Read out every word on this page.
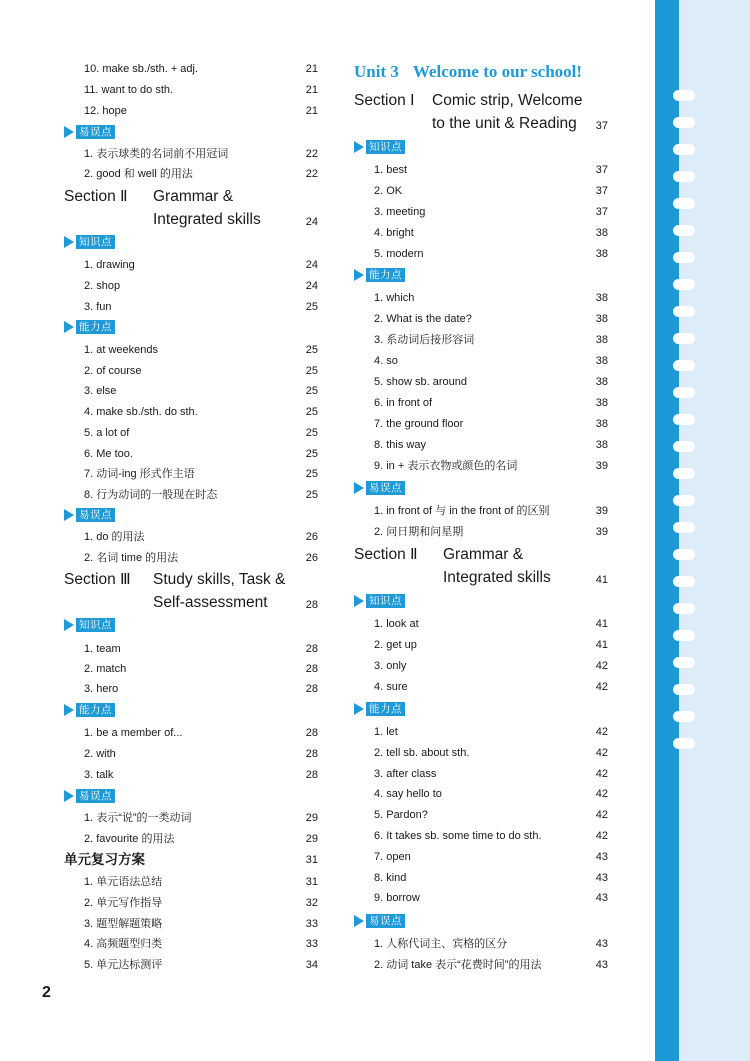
10. make sb./sth. + adj.	21
11. want to do sth.	21
12. hope	21
易误点
1. 表示球类的名词前不用冠词	22
2. good 和 well 的用法	22
Section Ⅱ Grammar &
Integrated skills	24
知识点
1. drawing	24
2. shop	24
3. fun	25
能力点
1. at weekends	25
2. of course	25
3. else	25
4. make sb./sth. do sth.	25
5. a lot of	25
6. Me too.	25
7. 动词-ing 形式作主语	25
8. 行为动词的一般现在时态	25
易误点
1. do 的用法	26
2. 名词 time 的用法	26
Section Ⅲ Study skills, Task &
Self-assessment	28
知识点
1. team	28
2. match	28
3. hero	28
能力点
1. be a member of...	28
2. with	28
3. talk	28
易误点
1. 表示“说”的一类动词	29
2. favourite 的用法	29
单元复习方案	31
1. 单元语法总结	31
2. 单元写作指导	32
3. 题型解题策略	33
4. 高频题型归类	33
5. 单元达标测评	34
Unit 3 Welcome to our school!
Section Ⅰ Comic strip, Welcome
to the unit & Reading 37
知识点
1. best	37
2. OK	37
3. meeting	37
4. bright	38
5. modern	38
能力点
1. which	38
2. What is the date?	38
3. 系动词后接形容词	38
4. so	38
5. show sb. around	38
6. in front of	38
7. the ground floor	38
8. this way	38
9. in + 表示衣物或颜色的名词	39
易误点
1. in front of 与 in the front of 的区别	39
2. 问日期和问星期	39
Section Ⅱ Grammar &
Integrated skills	41
知识点
1. look at	41
2. get up	41
3. only	42
4. sure	42
能力点
1. let	42
2. tell sb. about sth.	42
3. after class	42
4. say hello to	42
5. Pardon?	42
6. It takes sb. some time to do sth.	42
7. open	43
8. kind	43
9. borrow	43
易误点
1. 人称代词主、宾格的区分	43
2. 动词 take 表示“花费时间”的用法	43
2
